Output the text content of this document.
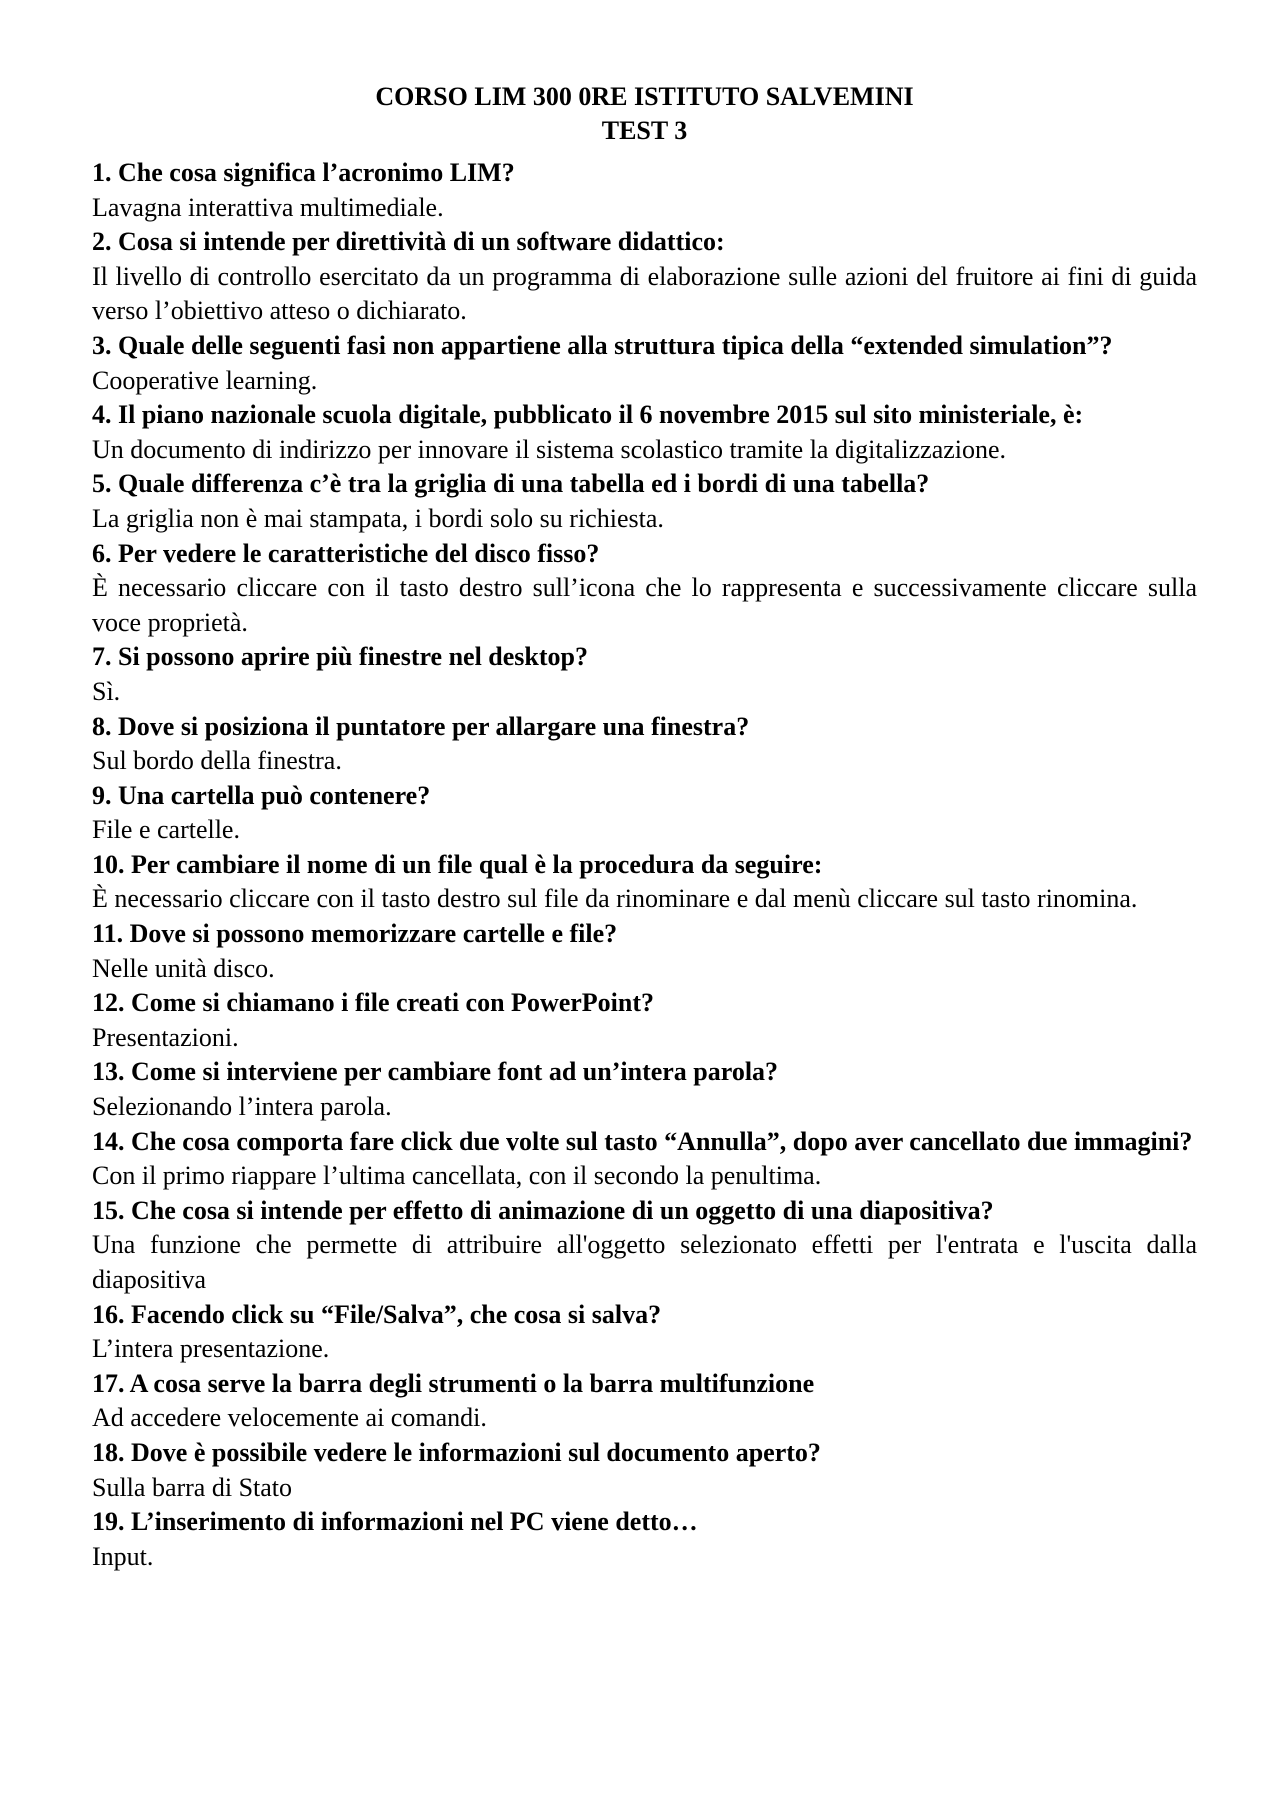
CORSO LIM 300 0RE ISTITUTO SALVEMINI

TEST 3

1. Che cosa significa l’acronimo LIM?

Lavagna interattiva multimediale.

2. Cosa si intende per direttività di un software didattico:

Il livello di controllo esercitato da un programma di elaborazione sulle azioni del fruitore ai fini di guida verso l’obiettivo atteso o dichiarato.

3. Quale delle seguenti fasi non appartiene alla struttura tipica della “extended simulation”?

Cooperative learning.

4. Il piano nazionale scuola digitale, pubblicato il 6 novembre 2015 sul sito ministeriale, è:

Un documento di indirizzo per innovare il sistema scolastico tramite la digitalizzazione.

5. Quale differenza c’è tra la griglia di una tabella ed i bordi di una tabella?

La griglia non è mai stampata, i bordi solo su richiesta.

6. Per vedere le caratteristiche del disco fisso?

È necessario cliccare con il tasto destro sull’icona che lo rappresenta e successivamente cliccare sulla voce proprietà.

7. Si possono aprire più finestre nel desktop?

Sì.

8. Dove si posiziona il puntatore per allargare una finestra?

Sul bordo della finestra.

9. Una cartella può contenere?

File e cartelle.

10. Per cambiare il nome di un file qual è la procedura da seguire:

È necessario cliccare con il tasto destro sul file da rinominare e dal menù cliccare sul tasto rinomina.

11. Dove si possono memorizzare cartelle e file?

Nelle unità disco.

12. Come si chiamano i file creati con PowerPoint?

Presentazioni.

13. Come si interviene per cambiare font ad un’intera parola?

Selezionando l’intera parola.

14. Che cosa comporta fare click due volte sul tasto “Annulla”, dopo aver cancellato due immagini?

Con il primo riappare l’ultima cancellata, con il secondo la penultima.

15. Che cosa si intende per effetto di animazione di un oggetto di una diapositiva?

Una funzione che permette di attribuire all'oggetto selezionato effetti per l'entrata e l'uscita dalla diapositiva

16. Facendo click su “File/Salva”, che cosa si salva?

L’intera presentazione.

17. A cosa serve la barra degli strumenti o la barra multifunzione

Ad accedere velocemente ai comandi.

18. Dove è possibile vedere le informazioni sul documento aperto?

Sulla barra di Stato

19. L’inserimento di informazioni nel PC viene detto…

Input.
